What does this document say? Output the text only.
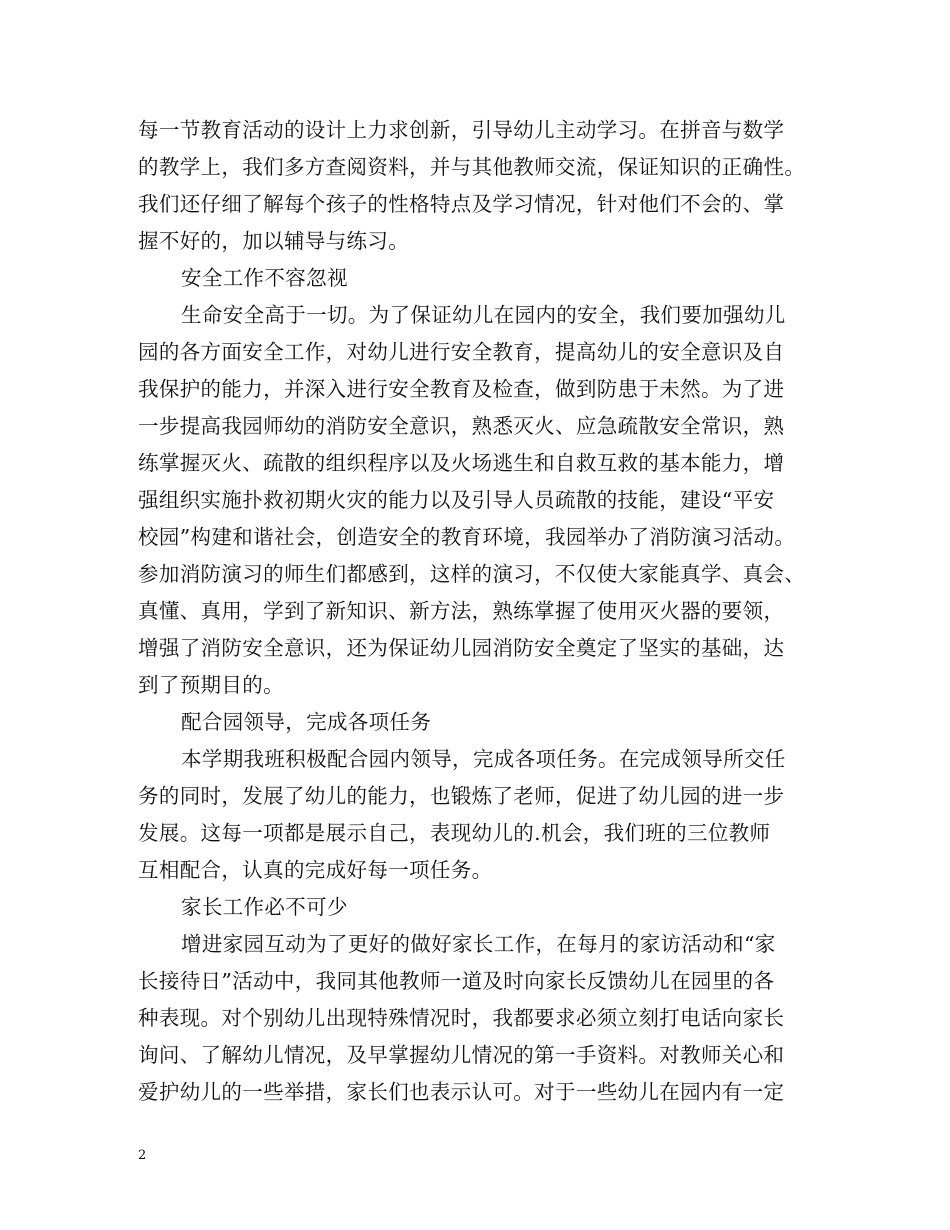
每一节教育活动的设计上力求创新，引导幼儿主动学习。在拼音与数学
的教学上，我们多方查阅资料，并与其他教师交流，保证知识的正确性。
我们还仔细了解每个孩子的性格特点及学习情况，针对他们不会的、掌
握不好的，加以辅导与练习。
安全工作不容忽视
生命安全高于一切。为了保证幼儿在园内的安全，我们要加强幼儿
园的各方面安全工作，对幼儿进行安全教育，提高幼儿的安全意识及自
我保护的能力，并深入进行安全教育及检查，做到防患于未然。为了进
一步提高我园师幼的消防安全意识，熟悉灭火、应急疏散安全常识，熟
练掌握灭火、疏散的组织程序以及火场逃生和自救互救的基本能力，增
强组织实施扑救初期火灾的能力以及引导人员疏散的技能，建设“平安
校园”构建和谐社会，创造安全的教育环境，我园举办了消防演习活动。
参加消防演习的师生们都感到，这样的演习，不仅使大家能真学、真会、
真懂、真用，学到了新知识、新方法，熟练掌握了使用灭火器的要领，
增强了消防安全意识，还为保证幼儿园消防安全奠定了坚实的基础，达
到了预期目的。
配合园领导，完成各项任务
本学期我班积极配合园内领导，完成各项任务。在完成领导所交任
务的同时，发展了幼儿的能力，也锻炼了老师，促进了幼儿园的进一步
发展。这每一项都是展示自己，表现幼儿的.机会，我们班的三位教师
互相配合，认真的完成好每一项任务。
家长工作必不可少
增进家园互动为了更好的做好家长工作，在每月的家访活动和“家
长接待日”活动中，我同其他教师一道及时向家长反馈幼儿在园里的各
种表现。对个别幼儿出现特殊情况时，我都要求必须立刻打电话向家长
询问、了解幼儿情况，及早掌握幼儿情况的第一手资料。对教师关心和
爱护幼儿的一些举措，家长们也表示认可。对于一些幼儿在园内有一定
2
